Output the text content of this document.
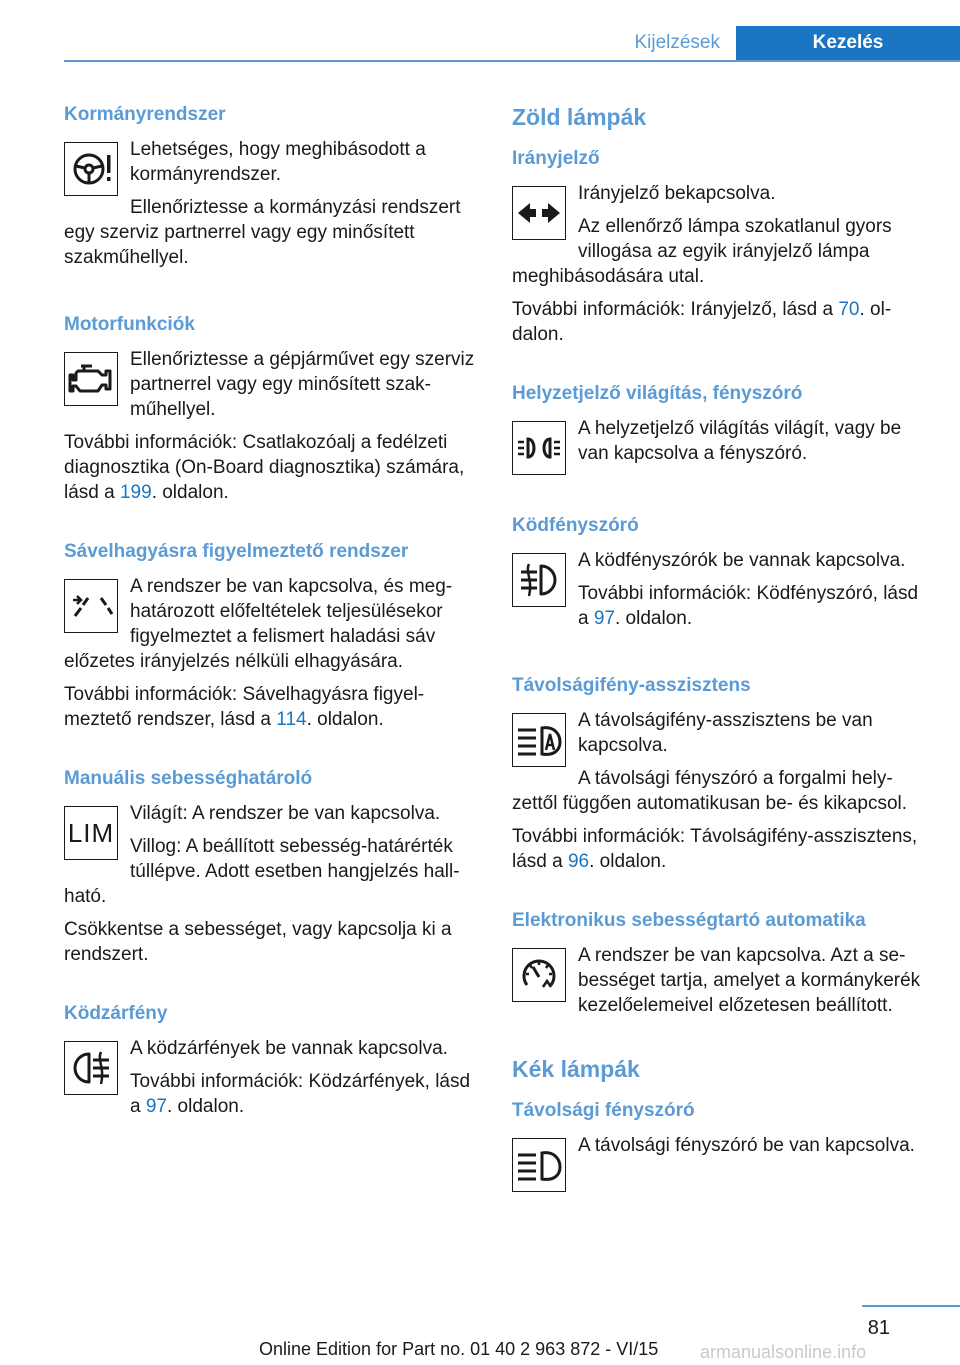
Kijelzések	Kezelés
Kormányrendszer

Lehetséges, hogy meghibásodott a kormányrendszer.

Ellenőriztesse a kormányzási rendszert egy szerviz partnerrel vagy egy minősített szakműhellyel.

Motorfunkciók

Ellenőriztesse a gépjárművet egy szerviz partnerrel vagy egy minősített szakműhellyel.

További információk: Csatlakozóalj a fedélzeti diagnosztika (On-Board diagnosztika) számára, lásd a 199. oldalon.

Sávelhagyásra figyelmeztető rendszer

A rendszer be van kapcsolva, és meghatározott előfeltételek teljesülésekor figyelmeztet a felismert haladási sáv előzetes irányjelzés nélküli elhagyására.

További információk: Sávelhagyásra figyelmeztető rendszer, lásd a 114. oldalon.

Manuális sebességhatároló
LIM

Világít: A rendszer be van kapcsolva.

Villog: A beállított sebesség-határérték túllépve. Adott esetben hangjelzés hallható.

Csökkentse a sebességet, vagy kapcsolja ki a rendszert.

Ködzárfény

A ködzárfények be vannak kapcsolva.

További információk: Ködzárfények, lásd a 97. oldalon.

Zöld lámpák
Irányjelző

Irányjelző bekapcsolva.

Az ellenőrző lámpa szokatlanul gyors villogása az egyik irányjelző lámpa meghibásodására utal.

További információk: Irányjelző, lásd a 70. oldalon.

Helyzetjelző világítás, fényszóró

A helyzetjelző világítás világít, vagy be van kapcsolva a fényszóró.

Ködfényszóró

A ködfényszórók be vannak kapcsolva.

További információk: Ködfényszóró, lásd a 97. oldalon.

Távolságifény-asszisztens

A távolságifény-asszisztens be van kapcsolva.

A távolsági fényszóró a forgalmi helyzettől függően automatikusan be- és kikapcsol.

További információk: Távolságifény-asszisztens, lásd a 96. oldalon.

Elektronikus sebességtartó automatika

A rendszer be van kapcsolva. Azt a sebességet tartja, amelyet a kormánykerék kezelőelemeivel előzetesen beállított.

Kék lámpák
Távolsági fényszóró

A távolsági fényszóró be van kapcsolva.

81
Online Edition for Part no. 01 40 2 963 872 - VI/15 armanualsonline.info
